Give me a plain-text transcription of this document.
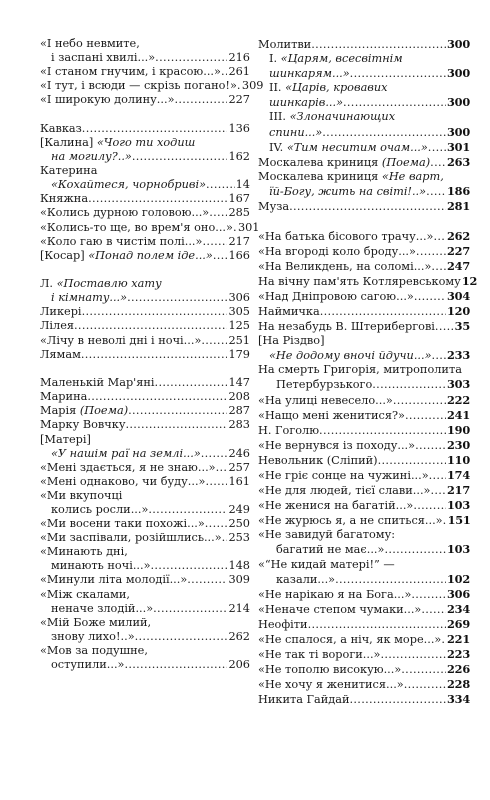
«І небо невмите,
і заспані хвилі...» .....	216
«І станом гнучим, і красою...» ..... 261
«І тут, і всюди — скрізь погано!» ..... 309
«І широкую долину...» .....	227
Кавказ .....	136
[Калина] «Чого ти ходиш
на могилу?..» .....	162
Катерина
«Кохайтеся, чорнобриві» .....	14
Княжна .....	167
«Колись дурною головою...» ..... 285
«Колись-то ще, во врем'я оно...» ..... 301
«Коло гаю в чистім полі...» ..... 217
[Косар] «Понад полем іде...» ..... 166
Л. «Поставлю хату
і кімнату...» .....	306
Ликері .....	305
Лілея .....	125
«Лічу в неволі дні і ночі...» ..... 251
Лямам .....	179
Маленькій Мар'яні .....	147
Марина .....	208
Марія (Поема) .....	287
Марку Вовчку .....	283
[Матері]
«У нашім раї на землі...» ..... 246
«Мені здається, я не знаю...» ..... 257
«Мені однаково, чи буду...» ..... 161
«Ми вкупочці
колись росли...» .....	249
«Ми восени таки похожі...» ..... 250
«Ми заспівали, розійшлись...» ..... 253
«Минають дні,
минають ночі...» .....	148
«Минули літа молодії...» .....	309
«Між скалами,
неначе злодій...» .....	214
«Мій Боже милий,
знову лихо!..» .....	262
«Мов за подушне,
оступили...» .....	206
Молитви .....	300
I. «Царям, всесвітнім
шинкарям...» .....	300
II. «Царів, кровавих
шинкарів...» .....	300
III. «Злоначинающих
спини...» .....	300
IV. «Тим неситим очам...» ..... 301
Москалева криниця (Поема) ..... 263
Москалева криниця «Не варт,
їй-Богу, жить на світі!..» ..... 186
Муза .....	281
«На батька бісового трачу...» ..... 262
«На вгороді коло броду...» .....	227
«На Великдень, на соломі...» ..... 247
На вічну пам'ять Котляревському 12
«Над Дніпровою сагою...» .....	304
Наймичка .....	120
На незабудь В. Штерибергові ..... 35
[На Різдво]
«Не додому вночі йдучи...» ..... 233
На смерть Григорія, митрополита
Петербурзького .....	303
«На улиці невесело...» .....	222
«Нащо мені женитися?» .....	241
Н. Гоголю .....	190
«Не вернувся із походу...» .....	230
Невольник (Сліпий) .....	110
«Не гріє сонце на чужині...» ..... 174
«Не для людей, тієї слави...» ..... 217
«Не женися на багатій...» .....	103
«Не журюсь я, а не спиться...» ..... 151
«Не завидуй багатому:
багатий не має...» .....	103
«“Не кидай матері!” —
казали...» .....	102
«Не нарікаю я на Бога...» .....	306
«Неначе степом чумаки...» ..... 234
Неофіти .....	269
«Не спалося, а ніч, як море...» ..... 221
«Не так ті вороги...» .....	223
«Не тополю високую...» .....	226
«Не хочу я женитися...» .....	228
Никита Гайдай .....	334
